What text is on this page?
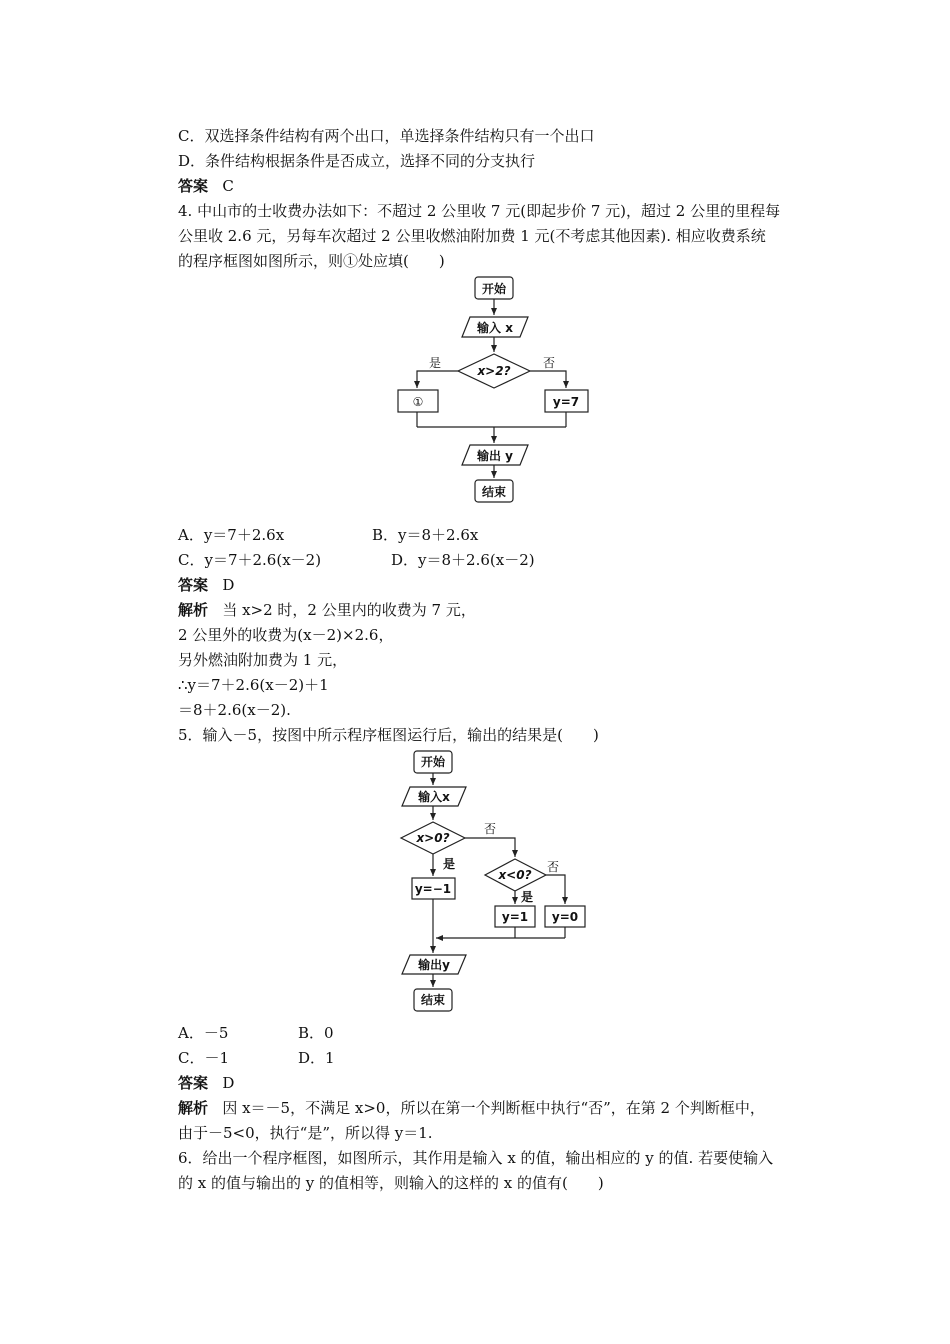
C．双选择条件结构有两个出口，单选择条件结构只有一个出口
D．条件结构根据条件是否成立，选择不同的分支执行
答案 C
4. 中山市的士收费办法如下：不超过 2 公里收 7 元(即起步价 7 元)，超过 2 公里的里程每
公里收 2.6 元，另每车次超过 2 公里收燃油附加费 1 元(不考虑其他因素). 相应收费系统
的程序框图如图所示，则①处应填(　　)
开始
输入 x
x>2?
是	否
①	y=7
输出 y
结束
A．y＝7＋2.6x	B．y＝8＋2.6x
C．y＝7＋2.6(x－2)	D．y＝8＋2.6(x－2)
答案 D
解析 当 x>2 时，2 公里内的收费为 7 元，
2 公里外的收费为(x－2)×2.6，
另外燃油附加费为 1 元，
∴y＝7＋2.6(x－2)＋1
＝8＋2.6(x－2).
5．输入－5，按图中所示程序框图运行后，输出的结果是(　　)
开始
输入x
x>0?
否
是
y=−1
x<0?
是
否
y=1 y=0
输出y
结束
A．－5	B．0
C．－1	D．1
答案 D
解析 因 x＝－5，不满足 x>0，所以在第一个判断框中执行“否”，在第 2 个判断框中，
由于－5<0，执行“是”，所以得 y＝1.
6．给出一个程序框图，如图所示，其作用是输入 x 的值，输出相应的 y 的值. 若要使输入
的 x 的值与输出的 y 的值相等，则输入的这样的 x 的值有(　　)
